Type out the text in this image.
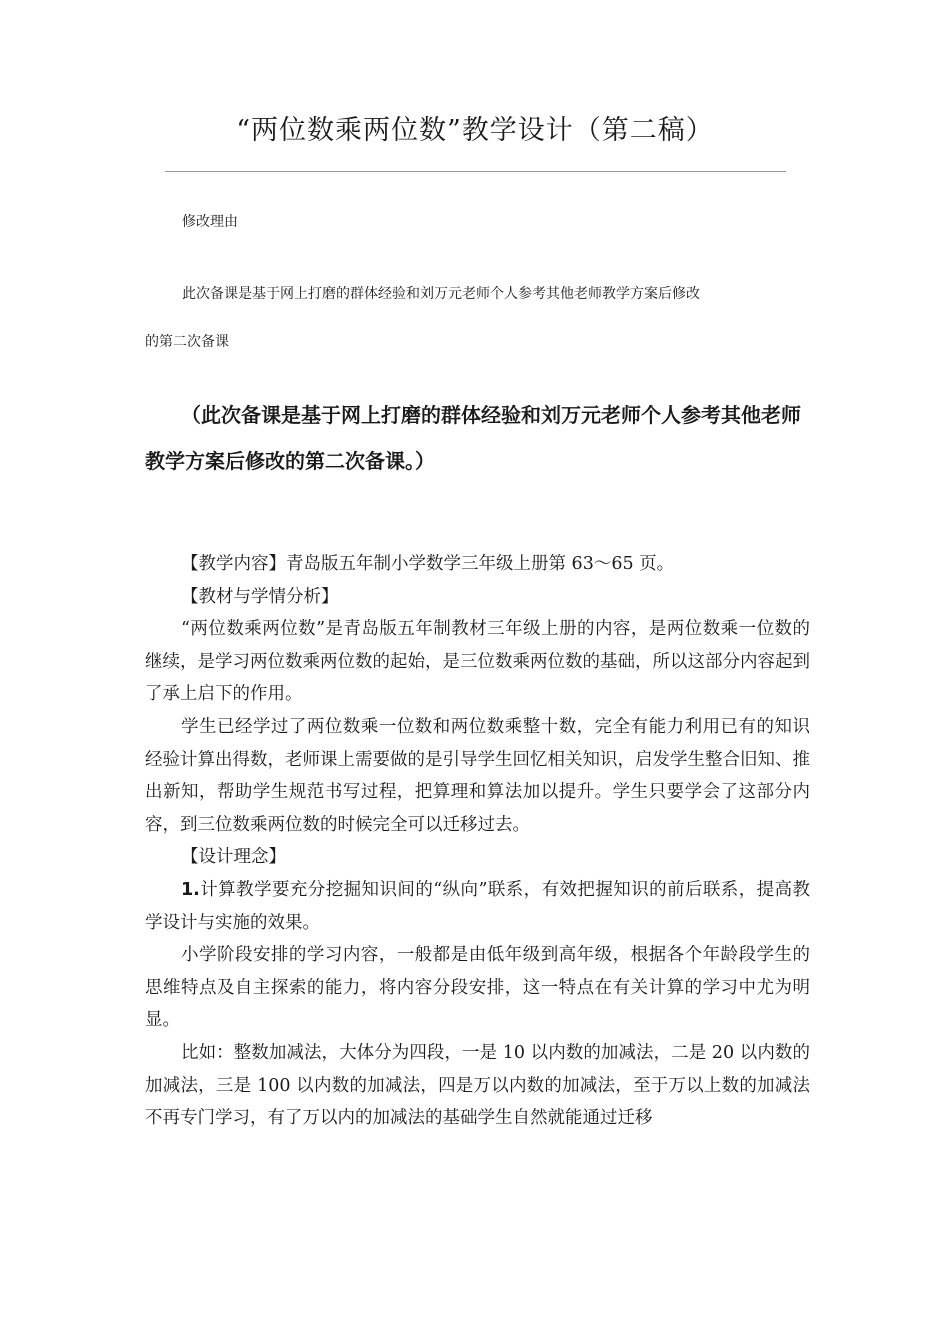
“两位数乘两位数”教学设计（第二稿）

修改理由

此次备课是基于网上打磨的群体经验和刘万元老师个人参考其他老师教学方案后修改

的第二次备课

（此次备课是基于网上打磨的群体经验和刘万元老师个人参考其他老师教学方案后修改的第二次备课。）

【教学内容】青岛版五年制小学数学三年级上册第 63～65 页。

【教材与学情分析】

“两位数乘两位数”是青岛版五年制教材三年级上册的内容，是两位数乘一位数的继续，是学习两位数乘两位数的起始，是三位数乘两位数的基础，所以这部分内容起到了承上启下的作用。

学生已经学过了两位数乘一位数和两位数乘整十数，完全有能力利用已有的知识经验计算出得数，老师课上需要做的是引导学生回忆相关知识，启发学生整合旧知、推出新知，帮助学生规范书写过程，把算理和算法加以提升。学生只要学会了这部分内容，到三位数乘两位数的时候完全可以迁移过去。

【设计理念】

1.计算教学要充分挖掘知识间的“纵向”联系，有效把握知识的前后联系，提高教学设计与实施的效果。

小学阶段安排的学习内容，一般都是由低年级到高年级，根据各个年龄段学生的思维特点及自主探索的能力，将内容分段安排，这一特点在有关计算的学习中尤为明显。

比如：整数加减法，大体分为四段，一是 10 以内数的加减法，二是 20 以内数的加减法，三是 100 以内数的加减法，四是万以内数的加减法，至于万以上数的加减法不再专门学习，有了万以内的加减法的基础学生自然就能通过迁移
